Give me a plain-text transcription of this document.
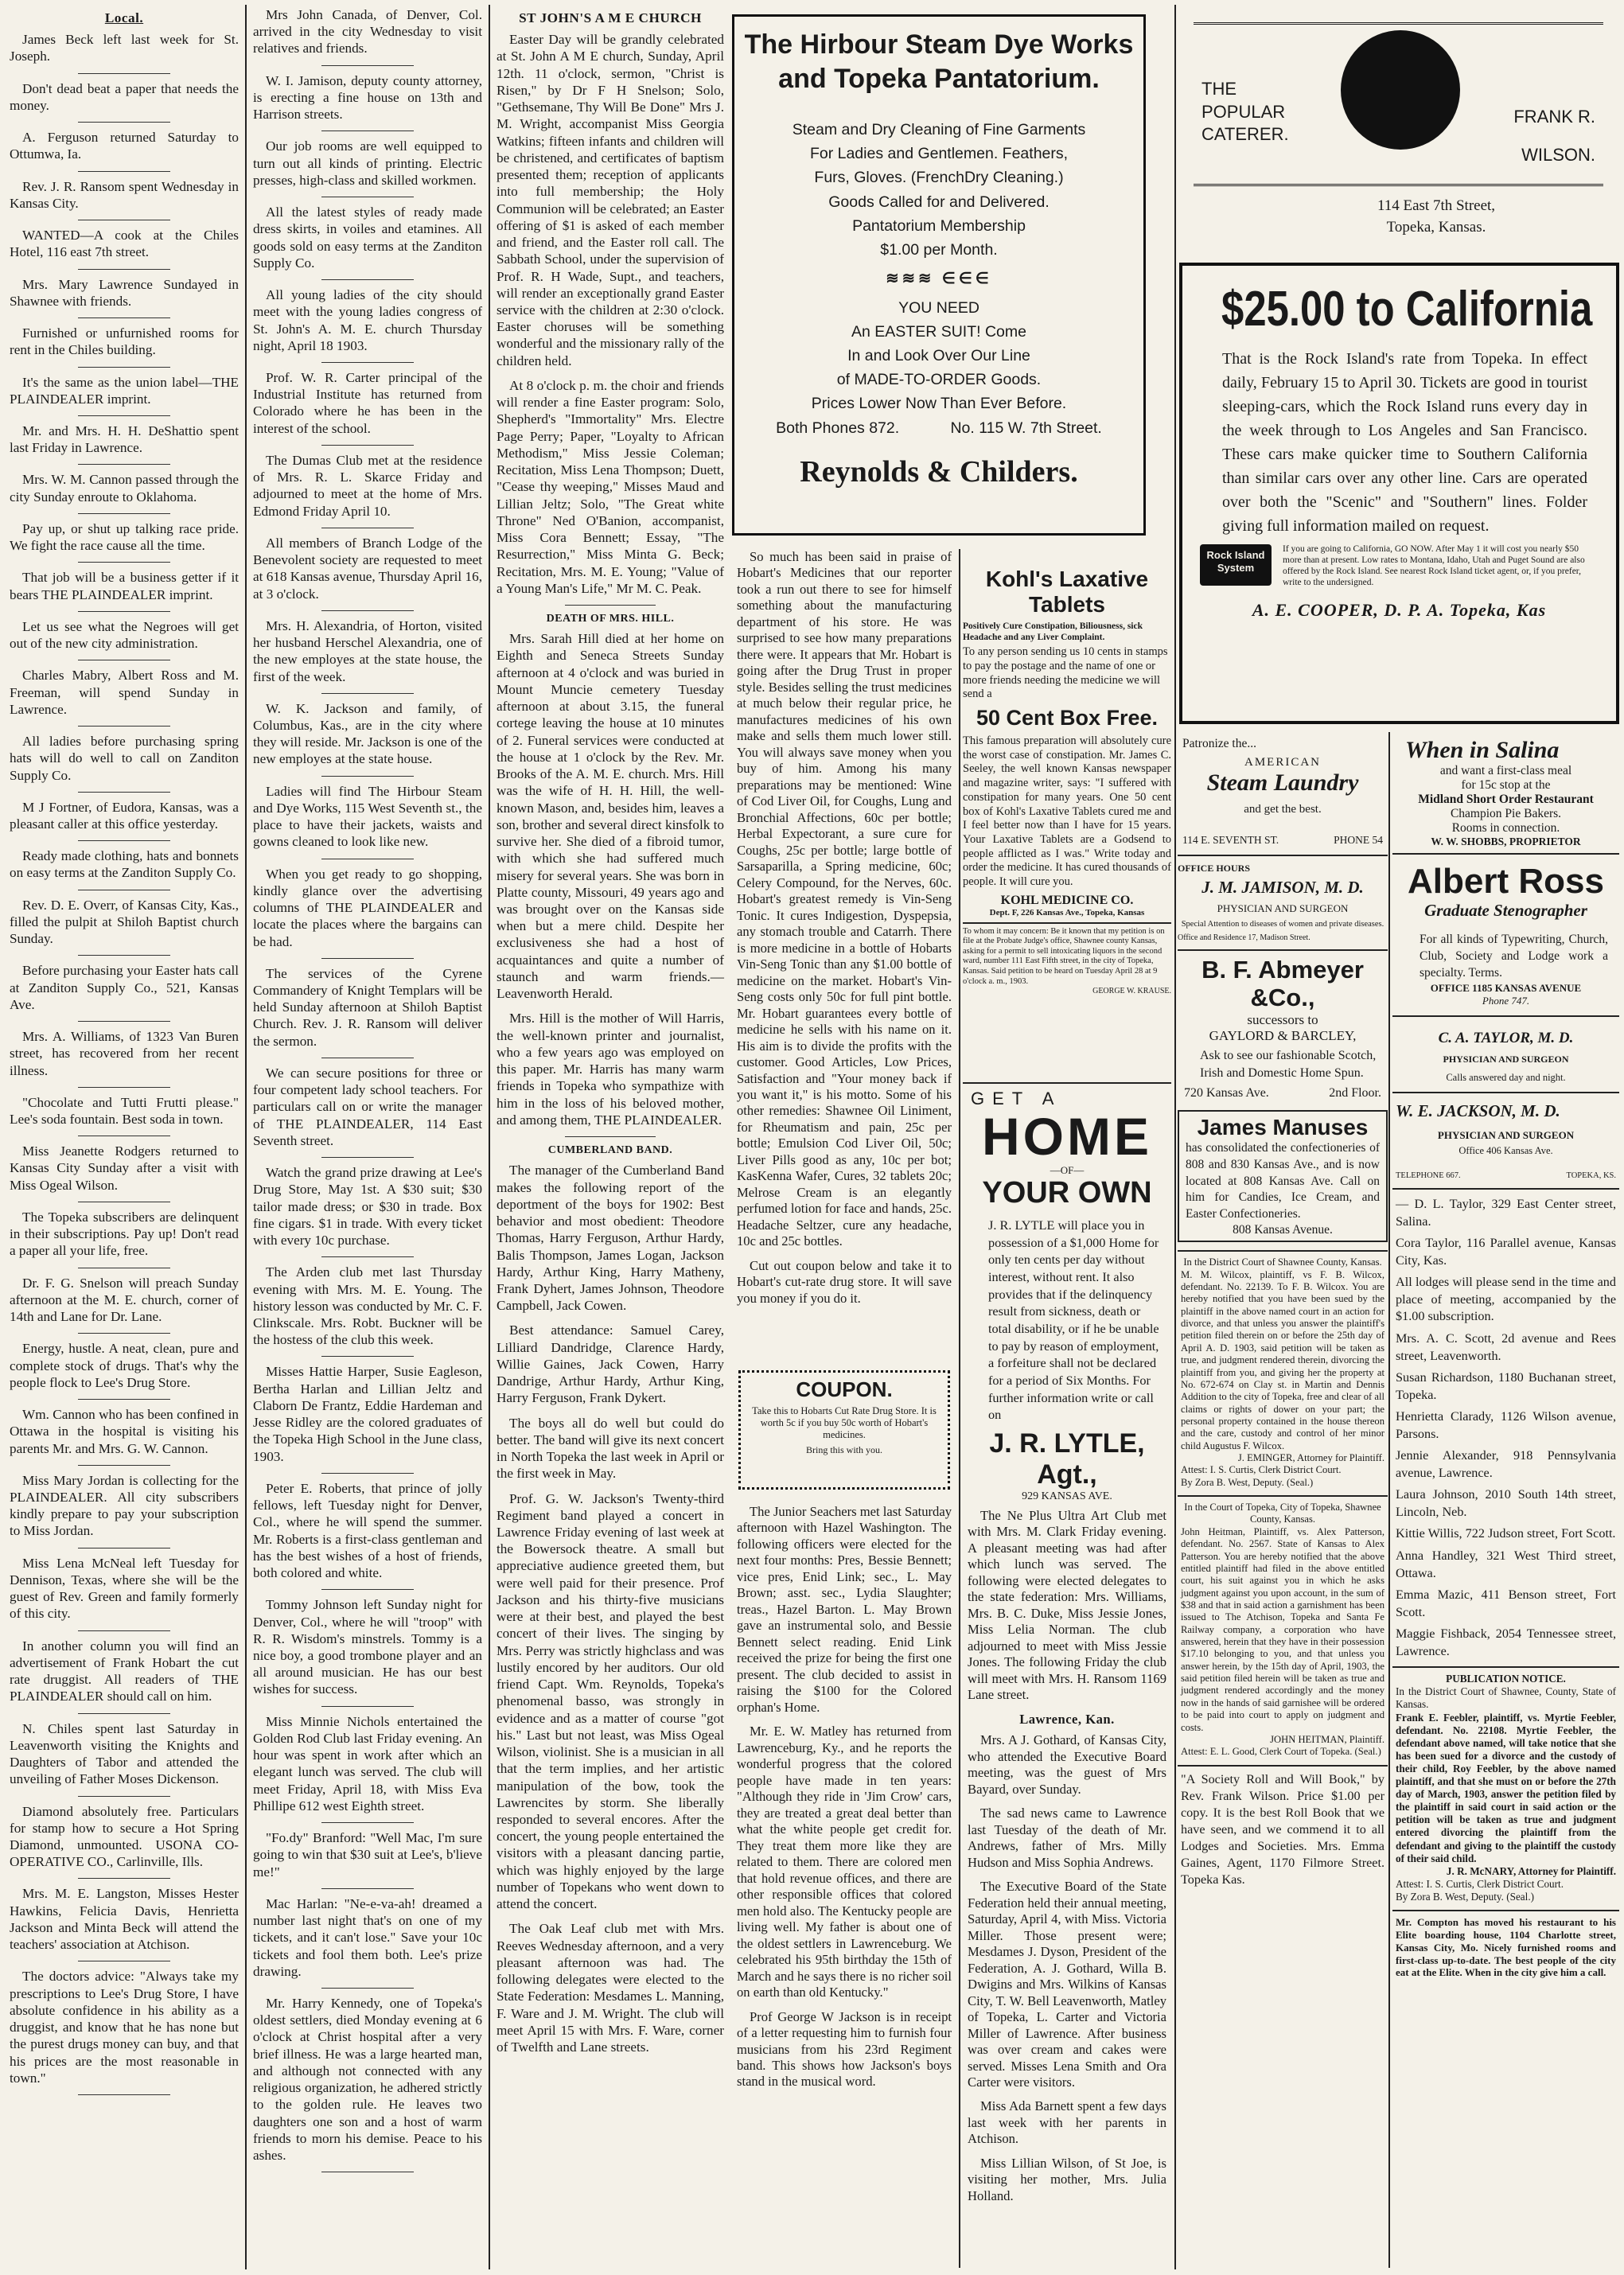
Local.

James Beck left last week for St. Joseph.

Don't dead beat a paper that needs the money.

A. Ferguson returned Saturday to Ottumwa, Ia.

Rev. J. R. Ransom spent Wednesday in Kansas City.

WANTED—A cook at the Chiles Hotel, 116 east 7th street.

Mrs. Mary Lawrence Sundayed in Shawnee with friends.

Furnished or unfurnished rooms for rent in the Chiles building.

It's the same as the union label—THE PLAINDEALER imprint.

Mr. and Mrs. H. H. DeShattio spent last Friday in Lawrence.

Mrs. W. M. Cannon passed through the city Sunday enroute to Oklahoma.

Pay up, or shut up talking race pride. We fight the race cause all the time.

That job will be a business getter if it bears THE PLAINDEALER imprint.

Let us see what the Negroes will get out of the new city administration.

Charles Mabry, Albert Ross and M. Freeman, will spend Sunday in Lawrence.

All ladies before purchasing spring hats will do well to call on Zanditon Supply Co.

M J Fortner, of Eudora, Kansas, was a pleasant caller at this office yesterday.

Ready made clothing, hats and bonnets on easy terms at the Zanditon Supply Co.

Rev. D. E. Overr, of Kansas City, Kas., filled the pulpit at Shiloh Baptist church Sunday.

Before purchasing your Easter hats call at Zanditon Supply Co., 521, Kansas Ave.

Mrs. A. Williams, of 1323 Van Buren street, has recovered from her recent illness.

"Chocolate and Tutti Frutti please." Lee's soda fountain. Best soda in town.

Miss Jeanette Rodgers returned to Kansas City Sunday after a visit with Miss Ogeal Wilson.

The Topeka subscribers are delinquent in their subscriptions. Pay up! Don't read a paper all your life, free.

Dr. F. G. Snelson will preach Sunday afternoon at the M. E. church, corner of 14th and Lane for Dr. Lane.

Energy, hustle. A neat, clean, pure and complete stock of drugs. That's why the people flock to Lee's Drug Store.

Wm. Cannon who has been confined in Ottawa in the hospital is visiting his parents Mr. and Mrs. G. W. Cannon.

Miss Mary Jordan is collecting for the PLAINDEALER. All city subscribers kindly prepare to pay your subscription to Miss Jordan.

Miss Lena McNeal left Tuesday for Dennison, Texas, where she will be the guest of Rev. Green and family formerly of this city.

In another column you will find an advertisement of Frank Hobart the cut rate druggist. All readers of THE PLAINDEALER should call on him.

N. Chiles spent last Saturday in Leavenworth visiting the Knights and Daughters of Tabor and attended the unveiling of Father Moses Dickenson.

Diamond absolutely free. Particulars for stamp how to secure a Hot Spring Diamond, unmounted. USONA CO-OPERATIVE CO., Carlinville, Ills.

Mrs. M. E. Langston, Misses Hester Hawkins, Felicia Davis, Henrietta Jackson and Minta Beck will attend the teachers' association at Atchison.

The doctors advice: "Always take my prescriptions to Lee's Drug Store, I have absolute confidence in his ability as a druggist, and know that he has none but the purest drugs money can buy, and that his prices are the most reasonable in town."

Mrs John Canada, of Denver, Col. arrived in the city Wednesday to visit relatives and friends.

W. I. Jamison, deputy county attorney, is erecting a fine house on 13th and Harrison streets.

Our job rooms are well equipped to turn out all kinds of printing. Electric presses, high-class and skilled workmen.

All the latest styles of ready made dress skirts, in voiles and etamines. All goods sold on easy terms at the Zanditon Supply Co.

All young ladies of the city should meet with the young ladies congress of St. John's A. M. E. church Thursday night, April 18 1903.

Prof. W. R. Carter principal of the Industrial Institute has returned from Colorado where he has been in the interest of the school.

The Dumas Club met at the residence of Mrs. R. L. Skarce Friday and adjourned to meet at the home of Mrs. Edmond Friday April 10.

All members of Branch Lodge of the Benevolent society are requested to meet at 618 Kansas avenue, Thursday April 16, at 3 o'clock.

Mrs. H. Alexandria, of Horton, visited her husband Herschel Alexandria, one of the new employes at the state house, the first of the week.

W. K. Jackson and family, of Columbus, Kas., are in the city where they will reside. Mr. Jackson is one of the new employes at the state house.

Ladies will find The Hirbour Steam and Dye Works, 115 West Seventh st., the place to have their jackets, waists and gowns cleaned to look like new.

When you get ready to go shopping, kindly glance over the advertising columns of THE PLAINDEALER and locate the places where the bargains can be had.

The services of the Cyrene Commandery of Knight Templars will be held Sunday afternoon at Shiloh Baptist Church. Rev. J. R. Ransom will deliver the sermon.

We can secure positions for three or four competent lady school teachers. For particulars call on or write the manager of THE PLAINDEALER, 114 East Seventh street.

Watch the grand prize drawing at Lee's Drug Store, May 1st. A $30 suit; $30 tailor made dress; or $30 in trade. Box fine cigars. $1 in trade. With every ticket with every 10c purchase.

The Arden club met last Thursday evening with Mrs. M. E. Young. The history lesson was conducted by Mr. C. F. Clinkscale. Mrs. Robt. Buckner will be the hostess of the club this week.

Misses Hattie Harper, Susie Eagleson, Bertha Harlan and Lillian Jeltz and Claborn De Frantz, Eddie Hardeman and Jesse Ridley are the colored graduates of the Topeka High School in the June class, 1903.

Peter E. Roberts, that prince of jolly fellows, left Tuesday night for Denver, Col., where he will spend the summer. Mr. Roberts is a first-class gentleman and has the best wishes of a host of friends, both colored and white.

Tommy Johnson left Sunday night for Denver, Col., where he will "troop" with R. R. Wisdom's minstrels. Tommy is a nice boy, a good trombone player and an all around musician. He has our best wishes for success.

Miss Minnie Nichols entertained the Golden Rod Club last Friday evening. An hour was spent in work after which an elegant lunch was served. The club will meet Friday, April 18, with Miss Eva Phillipe 612 west Eighth street.

"Fo.dy" Branford: "Well Mac, I'm sure going to win that $30 suit at Lee's, b'lieve me!"

Mac Harlan: "Ne-e-va-ah! dreamed a number last night that's on one of my tickets, and it can't lose." Save your 10c tickets and fool them both. Lee's prize drawing.

Mr. Harry Kennedy, one of Topeka's oldest settlers, died Monday evening at 6 o'clock at Christ hospital after a very brief illness. He was a large hearted man, and although not connected with any religious organization, he adhered strictly to the golden rule. He leaves two daughters one son and a host of warm friends to morn his demise. Peace to his ashes.

ST JOHN'S A M E CHURCH

Easter Day will be grandly celebrated at St. John A M E church, Sunday, April 12th. 11 o'clock, sermon, "Christ is Risen," by Dr F H Snelson; Solo, "Gethsemane, Thy Will Be Done" Mrs J. M. Wright, accompanist Miss Georgia Watkins; fifteen infants and children will be christened, and certificates of baptism presented them; reception of applicants into full membership; the Holy Communion will be celebrated; an Easter offering of $1 is asked of each member and friend, and the Easter roll call. The Sabbath School, under the supervision of Prof. R. H Wade, Supt., and teachers, will render an exceptionally grand Easter service with the children at 2:30 o'clock. Easter choruses will be something wonderful and the missionary rally of the children held.

At 8 o'clock p. m. the choir and friends will render a fine Easter program: Solo, Shepherd's "Immortality" Mrs. Electre Page Perry; Paper, "Loyalty to African Methodism," Miss Jessie Coleman; Recitation, Miss Lena Thompson; Duett, "Cease thy weeping," Misses Maud and Lillian Jeltz; Solo, "The Great white Throne" Ned O'Banion, accompanist, Miss Cora Bennett; Essay, "The Resurrection," Miss Minta G. Beck; Recitation, Mrs. M. E. Young; "Value of a Young Man's Life," Mr M. C. Peak.

DEATH OF MRS. HILL.

Mrs. Sarah Hill died at her home on Eighth and Seneca Streets Sunday afternoon at 4 o'clock and was buried in Mount Muncie cemetery Tuesday afternoon at about 3.15, the funeral cortege leaving the house at 10 minutes of 2. Funeral services were conducted at the house at 1 o'clock by the Rev. Mr. Brooks of the A. M. E. church. Mrs. Hill was the wife of H. H. Hill, the well-known Mason, and, besides him, leaves a son, brother and several direct kinsfolk to survive her. She died of a fibroid tumor, with which she had suffered much misery for several years. She was born in Platte county, Missouri, 49 years ago and was brought over on the Kansas side when but a mere child. Despite her exclusiveness she had a host of acquaintances and quite a number of staunch and warm friends.—Leavenworth Herald.

Mrs. Hill is the mother of Will Harris, the well-known printer and journalist, who a few years ago was employed on this paper. Mr. Harris has many warm friends in Topeka who sympathize with him in the loss of his beloved mother, and among them, THE PLAINDEALER.

CUMBERLAND BAND.

The manager of the Cumberland Band makes the following report of the deportment of the boys for 1902: Best behavior and most obedient: Theodore Thomas, Harry Ferguson, Arthur Hardy, Balis Thompson, James Logan, Jackson Hardy, Arthur King, Harry Matheny, Frank Dyhert, James Johnson, Theodore Campbell, Jack Cowen.

Best attendance: Samuel Carey, Lilliard Dandridge, Clarence Hardy, Willie Gaines, Jack Cowen, Harry Dandrige, Arthur Hardy, Arthur King, Harry Ferguson, Frank Dykert.

The boys all do well but could do better. The band will give its next concert in North Topeka the last week in April or the first week in May.

Prof. G. W. Jackson's Twenty-third Regiment band played a concert in Lawrence Friday evening of last week at the Bowersock theatre. A small but appreciative audience greeted them, but were well paid for their presence. Prof Jackson and his thirty-five musicians were at their best, and played the best concert of their lives. The singing by Mrs. Perry was strictly highclass and was lustily encored by her auditors. Our old friend Capt. Wm. Reynolds, Topeka's phenomenal basso, was strongly in evidence and as a matter of course "got his." Last but not least, was Miss Ogeal Wilson, violinist. She is a musician in all that the term implies, and her artistic manipulation of the bow, took the Lawrencites by storm. She liberally responded to several encores. After the concert, the young people entertained the visitors with a pleasant dancing partie, which was highly enjoyed by the large number of Topekans who went down to attend the concert.

The Oak Leaf club met with Mrs. Reeves Wednesday afternoon, and a very pleasant afternoon was had. The following delegates were elected to the State Federation: Mesdames L. Manning, F. Ware and J. M. Wright. The club will meet April 15 with Mrs. F. Ware, corner of Twelfth and Lane streets.

The Hirbour Steam Dye Works and Topeka Pantatorium.
Steam and Dry Cleaning of Fine Garments
For Ladies and Gentlemen. Feathers,
Furs, Gloves. (FrenchDry Cleaning.)
Goods Called for and Delivered.
Pantatorium Membership
$1.00 per Month.
≋≋≋ ∈∈∈
YOU NEED
An EASTER SUIT! Come
In and Look Over Our Line
of MADE-TO-ORDER Goods.
Prices Lower Now Than Ever Before.
Both Phones 872.	No. 115 W. 7th Street.
Reynolds & Childers.
THE
POPULAR
CATERER.
FRANK R.
WILSON.
114 East 7th Street,
Topeka, Kansas.
$25.00 to California
That is the Rock Island's rate from Topeka. In effect daily, February 15 to April 30. Tickets are good in tourist sleeping-cars, which the Rock Island runs every day in the week through to Los Angeles and San Francisco. These cars make quicker time to Southern California than similar cars over any other line. Cars are operated over both the "Scenic" and "Southern" lines. Folder giving full information mailed on request.
Rock Island System
If you are going to California, GO NOW. After May 1 it will cost you nearly $50 more than at present. Low rates to Montana, Idaho, Utah and Puget Sound are also offered by the Rock Island. See nearest Rock Island ticket agent, or, if you prefer, write to the undersigned.
A. E. COOPER, D. P. A. Topeka, Kas

So much has been said in praise of Hobart's Medicines that our reporter took a run out there to see for himself something about the manufacturing department of his store. He was surprised to see how many preparations there were. It appears that Mr. Hobart is going after the Drug Trust in proper style. Besides selling the trust medicines at much below their regular price, he manufactures medicines of his own make and sells them much lower still. You will always save money when you buy of him. Among his many preparations may be mentioned: Wine of Cod Liver Oil, for Coughs, Lung and Bronchial Affections, 60c per bottle; Herbal Expectorant, a sure cure for Coughs, 25c per bottle; large bottle of Sarsaparilla, a Spring medicine, 60c; Celery Compound, for the Nerves, 60c. Hobart's greatest remedy is Vin-Seng Tonic. It cures Indigestion, Dyspepsia, any stomach trouble and Catarrh. There is more medicine in a bottle of Hobarts Vin-Seng Tonic than any $1.00 bottle of medicine on the market. Hobart's Vin-Seng costs only 50c for full pint bottle. Mr. Hobart guarantees every bottle of medicine he sells with his name on it. His aim is to divide the profits with the customer. Good Articles, Low Prices, Satisfaction and "Your money back if you want it," is his motto. Some of his other remedies: Shawnee Oil Liniment, for Rheumatism and pain, 25c per bottle; Emulsion Cod Liver Oil, 50c; Liver Pills good as any, 10c per bot; KasKenna Wafer, Cures, 32 tablets 20c; Melrose Cream is an elegantly perfumed lotion for face and hands, 25c. Headache Seltzer, cure any headache, 10c and 25c bottles.

Cut out coupon below and take it to Hobart's cut-rate drug store. It will save you money if you do it.

COUPON.
Take this to Hobarts Cut Rate Drug Store. It is worth 5c if you buy 50c worth of Hobart's medicines.
Bring this with you.
Kohl's Laxative Tablets
Positively Cure Constipation, Biliousness, sick Headache and any Liver Complaint.
To any person sending us 10 cents in stamps to pay the postage and the name of one or more friends needing the medicine we will send a
50 Cent Box Free.
This famous preparation will absolutely cure the worst case of constipation. Mr. James C. Seeley, the well known Kansas newspaper and magazine writer, says: "I suffered with constipation for many years. One 50 cent box of Kohl's Laxative Tablets cured me and I feel better now than I have for 15 years. Your Laxative Tablets are a Godsend to people afflicted as I was." Write today and order the medicine. It has cured thousands of people. It will cure you.
KOHL MEDICINE CO.
Dept. F, 226 Kansas Ave., Topeka, Kansas
To whom it may concern: Be it known that my petition is on file at the Probate Judge's office, Shawnee county Kansas, asking for a permit to sell intoxicating liquors in the second ward, number 111 East Fifth street, in the city of Topeka, Kansas. Said petition to be heard on Tuesday April 28 at 9 o'clock a. m., 1903.
GEORGE W. KRAUSE.
GET A
HOME
—OF—
YOUR OWN
J. R. LYTLE will place you in possession of a $1,000 Home for only ten cents per day without interest, without rent. It also provides that if the delinquency result from sickness, death or total disability, or if he be unable to pay by reason of employment, a forfeiture shall not be declared for a period of Six Months. For further information write or call on
J. R. LYTLE, Agt.,
929 KANSAS AVE.

The Junior Seachers met last Saturday afternoon with Hazel Washington. The following officers were elected for the next four months: Pres, Bessie Bennett; vice pres, Enid Link; sec., L. May Brown; asst. sec., Lydia Slaughter; treas., Hazel Barton. L. May Brown gave an instrumental solo, and Bessie Bennett select reading. Enid Link received the prize for being the first one present. The club decided to assist in raising the $100 for the Colored orphan's Home.

Mr. E. W. Matley has returned from Lawrenceburg, Ky., and he reports the wonderful progress that the colored people have made in ten years: "Although they ride in 'Jim Crow' cars, they are treated a great deal better than what the white people get credit for. They treat them more like they are related to them. There are colored men that hold revenue offices, and there are other responsible offices that colored men hold also. The Kentucky people are living well. My father is about one of the oldest settlers in Lawrenceburg. We celebrated his 95th birthday the 15th of March and he says there is no richer soil on earth than old Kentucky."

Prof George W Jackson is in receipt of a letter requesting him to furnish four musicians from his 23rd Regiment band. This shows how Jackson's boys stand in the musical word.

The Ne Plus Ultra Art Club met with Mrs. M. Clark Friday evening. A pleasant meeting was had after which lunch was served. The following were elected delegates to the state federation: Mrs. Williams, Mrs. B. C. Duke, Miss Jessie Jones, Miss Lelia Norman. The club adjourned to meet with Miss Jessie Jones. The following Friday the club will meet with Mrs. H. Ransom 1169 Lane street.

Lawrence, Kan.

Mrs. A J. Gothard, of Kansas City, who attended the Executive Board meeting, was the guest of Mrs Bayard, over Sunday.

The sad news came to Lawrence last Tuesday of the death of Mr. Andrews, father of Mrs. Milly Hudson and Miss Sophia Andrews.

The Executive Board of the State Federation held their annual meeting, Saturday, April 4, with Miss. Victoria Miller. Those present were; Mesdames J. Dyson, President of the Federation, A. J. Gothard, Willa B. Dwigins and Mrs. Wilkins of Kansas City, T. W. Bell Leavenworth, Matley of Topeka, L. Carter and Victoria Miller of Lawrence. After business was over cream and cakes were served. Misses Lena Smith and Ora Carter were visitors.

Miss Ada Barnett spent a few days last week with her parents in Atchison.

Miss Lillian Wilson, of St Joe, is visiting her mother, Mrs. Julia Holland.

Patronize the...
AMERICAN
Steam Laundry
and get the best.
114 E. SEVENTH ST.	PHONE 54
OFFICE HOURS
J. M. JAMISON, M. D.
PHYSICIAN AND SURGEON
Special Attention to diseases of women and private diseases.
Office and Residence 17, Madison Street.
B. F. Abmeyer &Co.,
successors to
GAYLORD & BARCLEY,
Ask to see our fashionable Scotch, Irish and Domestic Home Spun.
720 Kansas Ave.	2nd Floor.
James Manuses
has consolidated the confectioneries of 808 and 830 Kansas Ave., and is now located at 808 Kansas Ave. Call on him for Candies, Ice Cream, and Easter Confectioneries.
808 Kansas Avenue.
In the District Court of Shawnee County, Kansas.
M. M. Wilcox, plaintiff, vs F. B. Wilcox, defendant. No. 22139. To F. B. Wilcox. You are hereby notified that you have been sued by the plaintiff in the above named court in an action for divorce, and that unless you answer the plaintiff's petition filed therein on or before the 25th day of April A. D. 1903, said petition will be taken as true, and judgment rendered therein, divorcing the plaintiff from you, and giving her the property at No. 672-674 on Clay st. in Martin and Dennis Addition to the city of Topeka, free and clear of all claims or rights of dower on your part; the personal property contained in the house thereon and the care, custody and control of her minor child Augustus F. Wilcox.
J. EMINGER, Attorney for Plaintiff.
Attest: I. S. Curtis, Clerk District Court.
By Zora B. West, Deputy. (Seal.)
In the Court of Topeka, City of Topeka, Shawnee County, Kansas.
John Heitman, Plaintiff, vs. Alex Patterson, defendant. No. 2567. State of Kansas to Alex Patterson. You are hereby notified that the above entitled plaintiff had filed in the above entitled court, his suit against you in which he asks judgment against you upon account, in the sum of $38 and that in said action a garnishment has been issued to The Atchison, Topeka and Santa Fe Railway company, a corporation who have answered, herein that they have in their possession $17.10 belonging to you, and that unless you answer herein, by the 15th day of April, 1903, the said petition filed herein will be taken as true and judgment rendered accordingly and the money now in the hands of said garnishee will be ordered to be paid into court to apply on judgment and costs.
JOHN HEITMAN, Plaintiff.
Attest: E. L. Good, Clerk Court of Topeka. (Seal.)
"A Society Roll and Will Book," by Rev. Frank Wilson. Price $1.00 per copy. It is the best Roll Book that we have seen, and we commend it to all Lodges and Societies. Mrs. Emma Gaines, Agent, 1170 Filmore Street. Topeka Kas.
When in Salina
and want a first-class meal
for 15c stop at the
Midland Short Order Restaurant
Champion Pie Bakers.
Rooms in connection.
W. W. SHOBBS, PROPRIETOR
Albert Ross
Graduate Stenographer
For all kinds of Typewriting, Church, Club, Society and Lodge work a specialty. Terms.
OFFICE 1185 KANSAS AVENUE
Phone 747.
C. A. TAYLOR, M. D.
PHYSICIAN AND SURGEON
Calls answered day and night.
W. E. JACKSON, M. D.
PHYSICIAN AND SURGEON
Office 406 Kansas Ave.
TELEPHONE 667.	TOPEKA, KS.
— D. L. Taylor, 329 East Center street, Salina.
Cora Taylor, 116 Parallel avenue, Kansas City, Kas.
All lodges will please send in the time and place of meeting, accompanied by the $1.00 subscription.
Mrs. A. C. Scott, 2d avenue and Rees street, Leavenworth.
Susan Richardson, 1180 Buchanan street, Topeka.
Henrietta Clarady, 1126 Wilson avenue, Parsons.
Jennie Alexander, 918 Pennsylvania avenue, Lawrence.
Laura Johnson, 2010 South 14th street, Lincoln, Neb.
Kittie Willis, 722 Judson street, Fort Scott.
Anna Handley, 321 West Third street, Ottawa.
Emma Mazic, 411 Benson street, Fort Scott.
Maggie Fishback, 2054 Tennessee street, Lawrence.
PUBLICATION NOTICE.
In the District Court of Shawnee, County, State of Kansas.
Frank E. Feebler, plaintiff, vs. Myrtie Feebler, defendant. No. 22108. Myrtie Feebler, the defendant above named, will take notice that she has been sued for a divorce and the custody of their child, Roy Feebler, by the above named plaintiff, and that she must on or before the 27th day of March, 1903, answer the petition filed by the plaintiff in said court in said action or the petition will be taken as true and judgment entered divorcing the plaintiff from the defendant and giving to the plaintiff the custody of their said child.
J. R. McNARY, Attorney for Plaintiff.
Attest: I. S. Curtis, Clerk District Court.
By Zora B. West, Deputy. (Seal.)
Mr. Compton has moved his restaurant to his Elite boarding house, 1104 Charlotte street, Kansas City, Mo. Nicely furnished rooms and first-class up-to-date. The best people of the city eat at the Elite. When in the city give him a call.
